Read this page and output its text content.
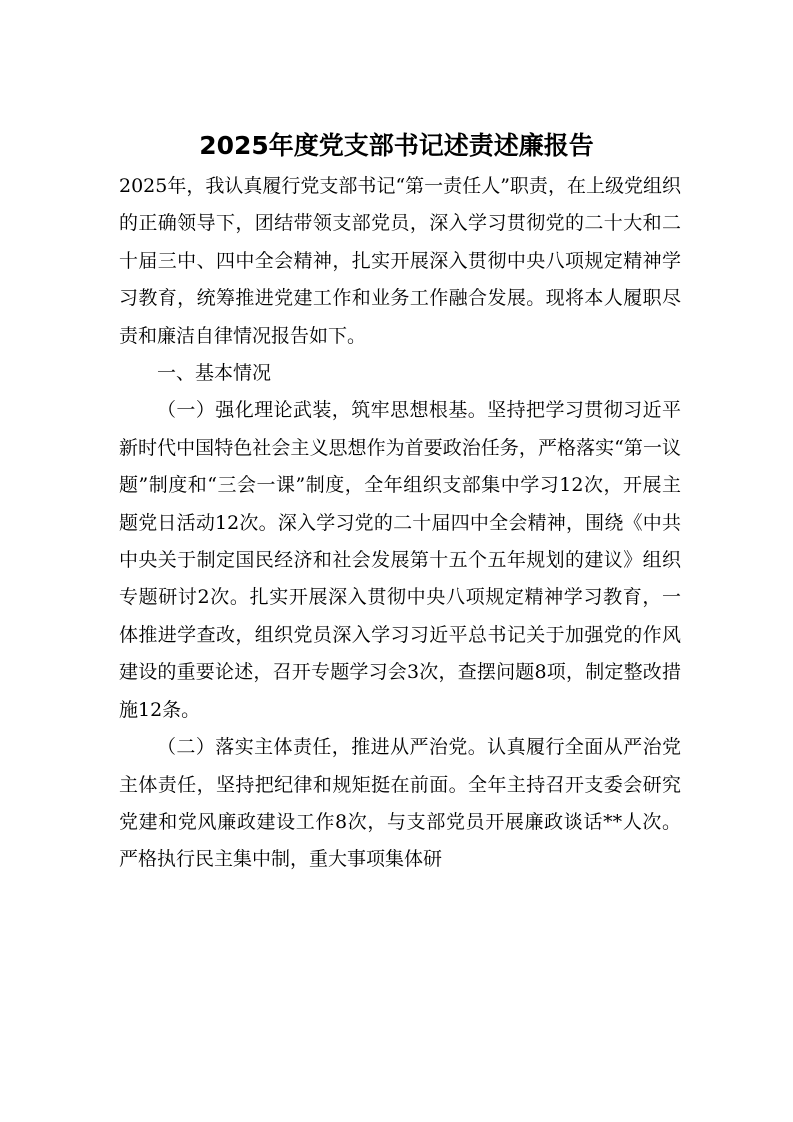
2025年度党支部书记述责述廉报告

2025年，我认真履行党支部书记“第一责任人”职责，在上级党组织的正确领导下，团结带领支部党员，深入学习贯彻党的二十大和二十届三中、四中全会精神，扎实开展深入贯彻中央八项规定精神学习教育，统筹推进党建工作和业务工作融合发展。现将本人履职尽责和廉洁自律情况报告如下。

一、基本情况

（一）强化理论武装，筑牢思想根基。坚持把学习贯彻习近平新时代中国特色社会主义思想作为首要政治任务，严格落实“第一议题”制度和“三会一课”制度，全年组织支部集中学习12次，开展主题党日活动12次。深入学习党的二十届四中全会精神，围绕《中共中央关于制定国民经济和社会发展第十五个五年规划的建议》组织专题研讨2次。扎实开展深入贯彻中央八项规定精神学习教育，一体推进学查改，组织党员深入学习习近平总书记关于加强党的作风建设的重要论述，召开专题学习会3次，查摆问题8项，制定整改措施12条。

（二）落实主体责任，推进从严治党。认真履行全面从严治党主体责任，坚持把纪律和规矩挺在前面。全年主持召开支委会研究党建和党风廉政建设工作8次，与支部党员开展廉政谈话**人次。严格执行民主集中制，重大事项集体研
